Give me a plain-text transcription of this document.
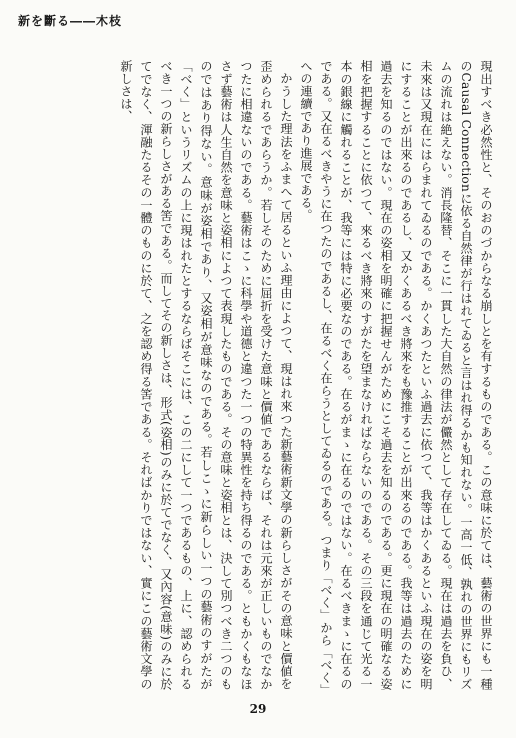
新を斷る――木枝

現出すべき必然性と、そのおのづからなる崩しとを有するものである。この意味に於ては、藝術の世界にも一種のCausal Connectionに依る自然律が行はれてゐると言はれ得るかも知れない。一高一低、孰れの世界にもリズムの流れは絶えない。消長隆替、そこに一貫した大自然の律法が儼然として存在してゐる。現在は過去を負ひ、未來は又現在にはらまれてゐるのである。かくあつたといふ過去に依つて、我等はかくあるといふ現在の姿を明にすることが出來るのであるし、又かくあるべき將來をも豫推することが出來るのである。我等は過去のために過去を知るのではない。現在の姿相を明確に把握せんがためにこそ過去を知るのである。更に現在の明確なる姿相を把握することに依つて、來るべき將來のすがたを望まなければならないのである。その三段を通じて光る一本の銀線に觸れることが、我等には特に必要なのである。在るがまゝに在るのではない。在るべきまゝに在るのである。又在るべきやうに在つたのであるし、在るべく在らうとしてゐるのである。つまり「べく」から「べく」への連續であり進展である。

かうした理法をふまへて居るといふ理由によつて、現はれ來つた新藝術新文學の新らしさがその意味と價値を歪められるであらうか。若しそのために屈折を受けた意味と價値であるならば、それは元來が正しいものでなかつたに相違ないのである。藝術はこゝに科學や道德と違つた一つの特異性を持ち得るのである。ともかくもなほさず藝術は人生自然を意味と姿相によつて表現したものである。その意味と姿相とは、決して別つべき二つのものではあり得ない。意味が姿相であり、又姿相が意味なのである。若しこゝに新らしい一つの藝術のすがたが「べく」というリズムの上に現はれたとするならばそこには、この二にして一つであるもの、上に、認められるべき一つの新らしさがある筈である。而してその新しさは、形式(姿相)のみに於てでなく、又內容(意味)のみに於てでなく、渾融たるその一體のものに於て、之を認め得る筈である。そればかりではない、實にこの藝術文學の新しさは、

29
